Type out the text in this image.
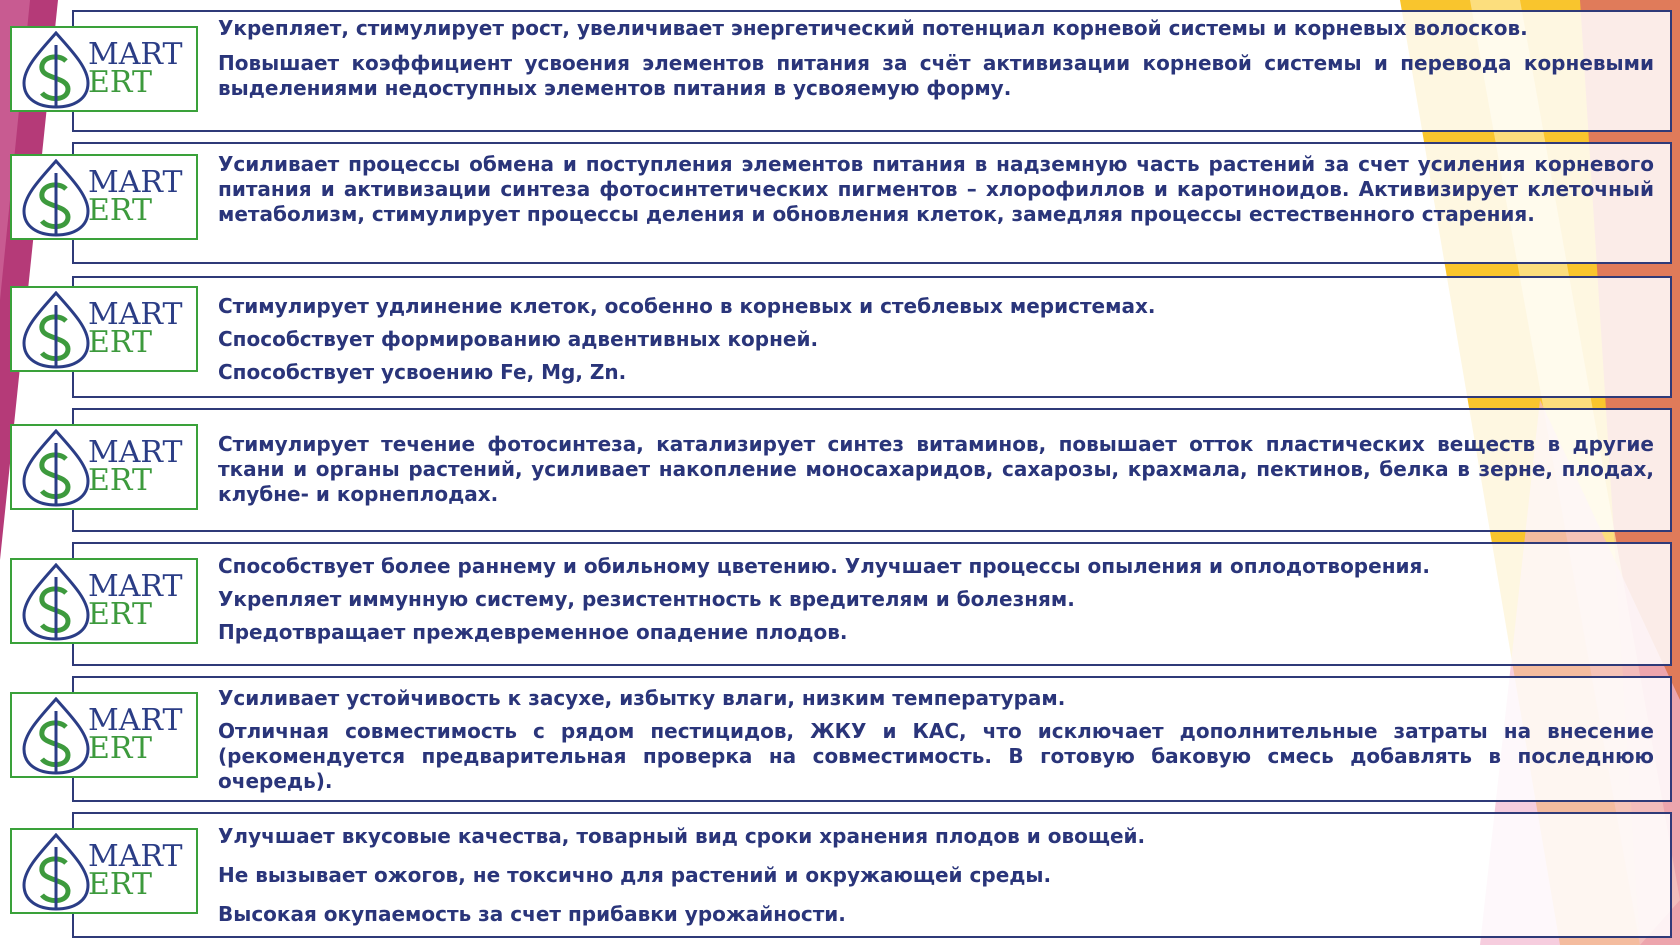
Укрепляет, стимулирует рост, увеличивает энергетический потенциал корневой системы и корневых волосков.

Повышает коэффициент усвоения элементов питания за счёт активизации корневой системы и перевода корневыми выделениями недоступных элементов питания в усвояемую форму.

MART
ERT

Усиливает процессы обмена и поступления элементов питания в надземную часть растений за счет усиления корневого питания и активизации синтеза фотосинтетических пигментов – хлорофиллов и каротиноидов. Активизирует клеточный метаболизм, стимулирует процессы деления и обновления клеток, замедляя процессы естественного старения.

MART
ERT

Стимулирует удлинение клеток, особенно в корневых и стеблевых меристемах.

Способствует формированию адвентивных корней.

Способствует усвоению Fe, Mg, Zn.

MART
ERT

Стимулирует течение фотосинтеза, катализирует синтез витаминов, повышает отток пластических веществ в другие ткани и органы растений, усиливает накопление моносахаридов, сахарозы, крахмала, пектинов, белка в зерне, плодах, клубне- и корнеплодах.

MART
ERT

Способствует более раннему и обильному цветению. Улучшает процессы опыления и оплодотворения.

Укрепляет иммунную систему, резистентность к вредителям и болезням.

Предотвращает преждевременное опадение плодов.

MART
ERT

Усиливает устойчивость к засухе, избытку влаги, низким температурам.

Отличная совместимость с рядом пестицидов, ЖКУ и КАС, что исключает дополнительные затраты на внесение (рекомендуется предварительная проверка на совместимость. В готовую баковую смесь добавлять в последнюю очередь).

MART
ERT

Улучшает вкусовые качества, товарный вид сроки хранения плодов и овощей.

Не вызывает ожогов, не токсично для растений и окружающей среды.

Высокая окупаемость за счет прибавки урожайности.

MART
ERT
